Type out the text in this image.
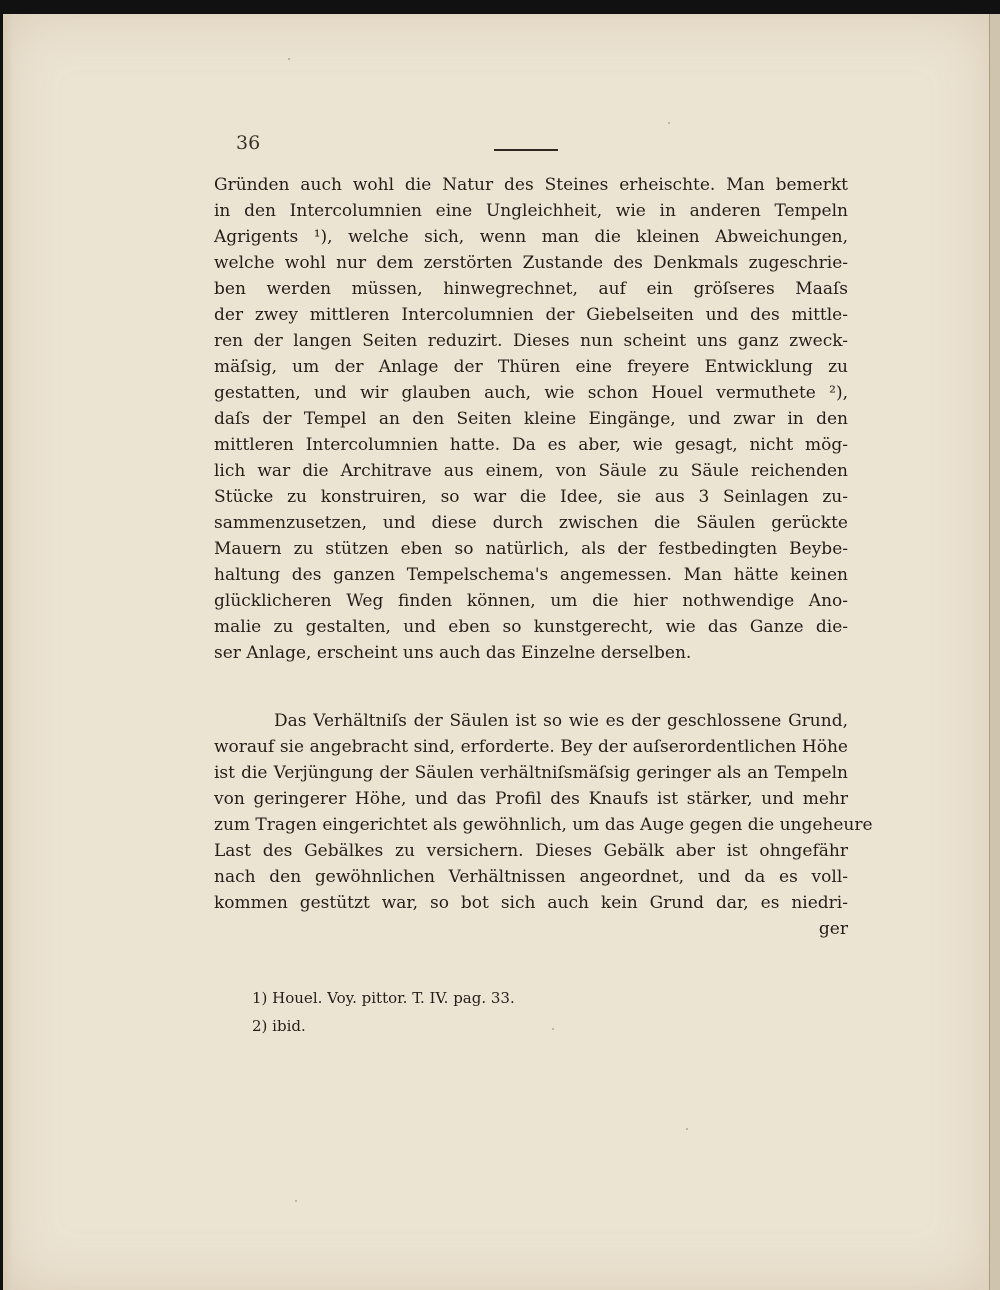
36
Gründen auch wohl die Natur des Steines erheischte. Man bemerkt
in den Intercolumnien eine Ungleichheit, wie in anderen Tempeln
Agrigents ¹), welche sich, wenn man die kleinen Abweichungen,
welche wohl nur dem zerstörten Zustande des Denkmals zugeschrie-
ben werden müssen, hinwegrechnet, auf ein gröſseres Maaſs
der zwey mittleren Intercolumnien der Giebelseiten und des mittle-
ren der langen Seiten reduzirt. Dieses nun scheint uns ganz zweck-
mäſsig, um der Anlage der Thüren eine freyere Entwicklung zu
gestatten, und wir glauben auch, wie schon Houel vermuthete ²),
daſs der Tempel an den Seiten kleine Eingänge, und zwar in den
mittleren Intercolumnien hatte. Da es aber, wie gesagt, nicht mög-
lich war die Architrave aus einem, von Säule zu Säule reichenden
Stücke zu konstruiren, so war die Idee, sie aus 3 Seinlagen zu-
sammenzusetzen, und diese durch zwischen die Säulen gerückte
Mauern zu stützen eben so natürlich, als der festbedingten Beybe-
haltung des ganzen Tempelschema's angemessen. Man hätte keinen
glücklicheren Weg finden können, um die hier nothwendige Ano-
malie zu gestalten, und eben so kunstgerecht, wie das Ganze die-
ser Anlage, erscheint uns auch das Einzelne derselben.
Das Verhältniſs der Säulen ist so wie es der geschlossene Grund,
worauf sie angebracht sind, erforderte. Bey der auſserordentlichen Höhe
ist die Verjüngung der Säulen verhältniſsmäſsig geringer als an Tempeln
von geringerer Höhe, und das Profil des Knaufs ist stärker, und mehr
zum Tragen eingerichtet als gewöhnlich, um das Auge gegen die ungeheure
Last des Gebälkes zu versichern. Dieses Gebälk aber ist ohngefähr
nach den gewöhnlichen Verhältnissen angeordnet, und da es voll-
kommen gestützt war, so bot sich auch kein Grund dar, es niedri-
ger
1) Houel. Voy. pittor. T. IV. pag. 33.
2) ibid.
